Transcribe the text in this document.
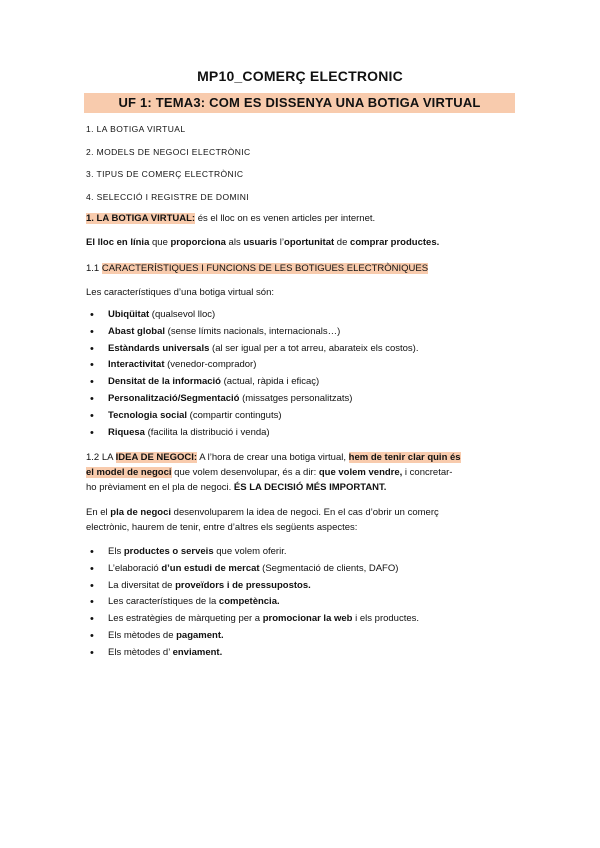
MP10_COMERÇ ELECTRONIC
UF 1: TEMA3: COM ES DISSENYA UNA BOTIGA VIRTUAL
1. LA BOTIGA VIRTUAL
2. MODELS DE NEGOCI ELECTRÒNIC
3. TIPUS DE COMERÇ ELECTRÒNIC
4. SELECCIÓ I REGISTRE DE DOMINI
1. LA BOTIGA VIRTUAL: és el lloc on es venen articles per internet.
El lloc en línia que proporciona als usuaris l’oportunitat de comprar productes.
1.1 CARACTERÍSTIQUES I FUNCIONS DE LES BOTIGUES ELECTRÒNIQUES
Les característiques d’una botiga virtual són:
• Ubiqüitat (qualsevol lloc)
• Abast global (sense límits nacionals, internacionals…)
• Estàndards universals (al ser igual per a tot arreu, abarateix els costos).
• Interactivitat (venedor-comprador)
• Densitat de la informació (actual, ràpida i eficaç)
• Personalització/Segmentació (missatges personalitzats)
• Tecnologia social (compartir continguts)
• Riquesa (facilita la distribució i venda)
1.2 LA IDEA DE NEGOCI: A l’hora de crear una botiga virtual, hem de tenir clar quin és
el model de negoci que volem desenvolupar, és a dir: que volem vendre, i concretar-
ho prèviament en el pla de negoci. ÉS LA DECISIÓ MÉS IMPORTANT.
En el pla de negoci desenvoluparem la idea de negoci. En el cas d’obrir un comerç
electrònic, haurem de tenir, entre d’altres els següents aspectes:
• Els productes o serveis que volem oferir.
• L’elaboració d’un estudi de mercat (Segmentació de clients, DAFO)
• La diversitat de proveïdors i de pressupostos.
• Les característiques de la competència.
• Les estratègies de màrqueting per a promocionar la web i els productes.
• Els mètodes de pagament.
• Els mètodes d’ enviament.
